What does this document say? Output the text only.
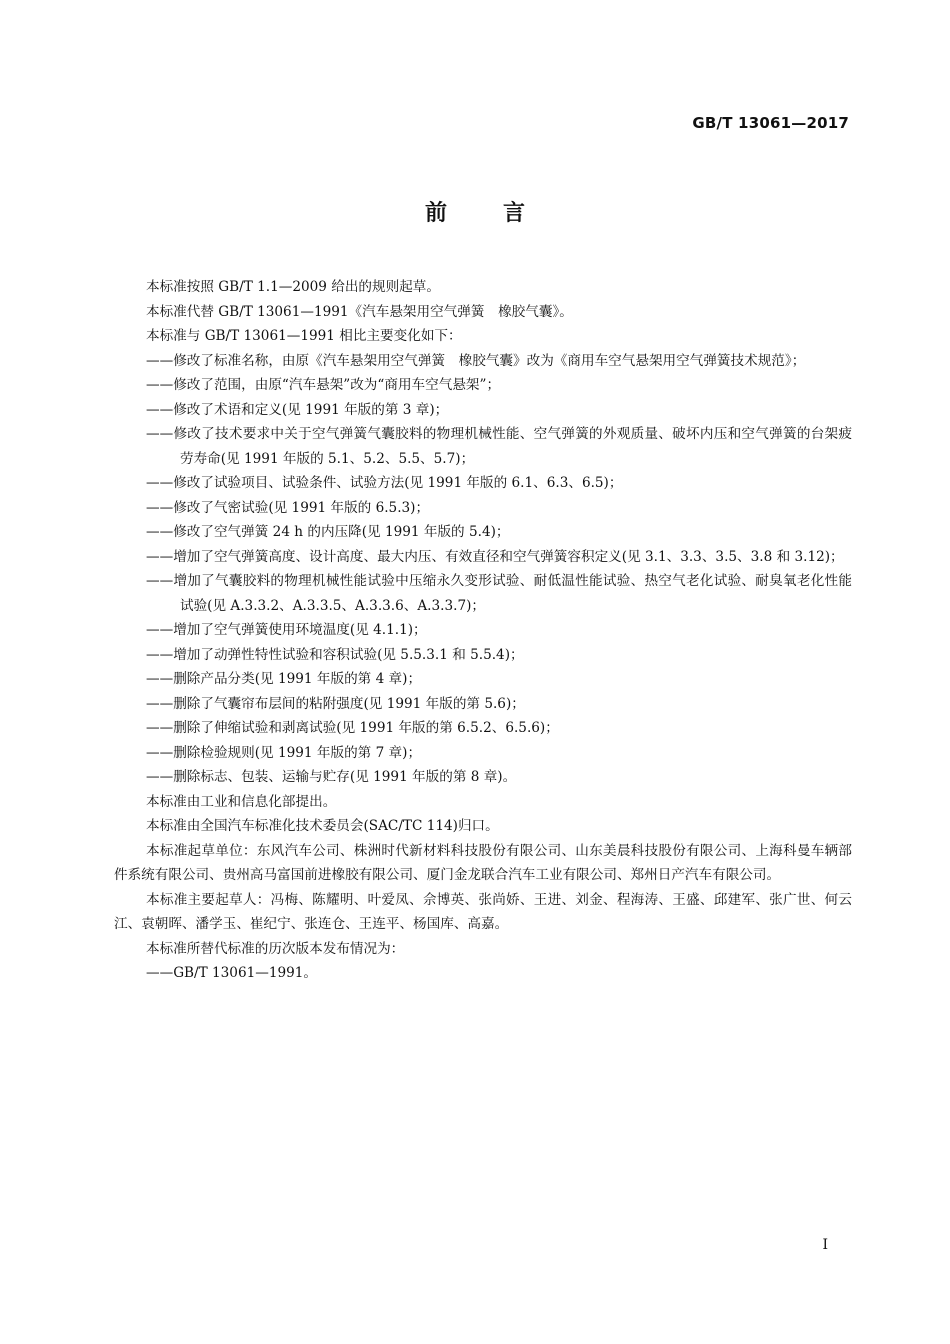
GB/T 13061—2017
前言

本标准按照 GB/T 1.1—2009 给出的规则起草。

本标准代替 GB/T 13061—1991《汽车悬架用空气弹簧　橡胶气囊》。

本标准与 GB/T 13061—1991 相比主要变化如下：

——修改了标准名称，由原《汽车悬架用空气弹簧　橡胶气囊》改为《商用车空气悬架用空气弹簧技术规范》；

——修改了范围，由原“汽车悬架”改为“商用车空气悬架”；

——修改了术语和定义(见 1991 年版的第 3 章)；

——修改了技术要求中关于空气弹簧气囊胶料的物理机械性能、空气弹簧的外观质量、破坏内压和空气弹簧的台架疲劳寿命(见 1991 年版的 5.1、5.2、5.5、5.7)；

——修改了试验项目、试验条件、试验方法(见 1991 年版的 6.1、6.3、6.5)；

——修改了气密试验(见 1991 年版的 6.5.3)；

——修改了空气弹簧 24 h 的内压降(见 1991 年版的 5.4)；

——增加了空气弹簧高度、设计高度、最大内压、有效直径和空气弹簧容积定义(见 3.1、3.3、3.5、3.8 和 3.12)；

——增加了气囊胶料的物理机械性能试验中压缩永久变形试验、耐低温性能试验、热空气老化试验、耐臭氧老化性能试验(见 A.3.3.2、A.3.3.5、A.3.3.6、A.3.3.7)；

——增加了空气弹簧使用环境温度(见 4.1.1)；

——增加了动弹性特性试验和容积试验(见 5.5.3.1 和 5.5.4)；

——删除产品分类(见 1991 年版的第 4 章)；

——删除了气囊帘布层间的粘附强度(见 1991 年版的第 5.6)；

——删除了伸缩试验和剥离试验(见 1991 年版的第 6.5.2、6.5.6)；

——删除检验规则(见 1991 年版的第 7 章)；

——删除标志、包装、运输与贮存(见 1991 年版的第 8 章)。

本标准由工业和信息化部提出。

本标准由全国汽车标准化技术委员会(SAC/TC 114)归口。

本标准起草单位：东风汽车公司、株洲时代新材料科技股份有限公司、山东美晨科技股份有限公司、上海科曼车辆部件系统有限公司、贵州高马富国前进橡胶有限公司、厦门金龙联合汽车工业有限公司、郑州日产汽车有限公司。

本标准主要起草人：冯梅、陈耀明、叶爱凤、佘博英、张尚娇、王进、刘金、程海涛、王盛、邱建军、张广世、何云江、袁朝晖、潘学玉、崔纪宁、张连仓、王连平、杨国库、高嘉。

本标准所替代标准的历次版本发布情况为：

——GB/T 13061—1991。

I
